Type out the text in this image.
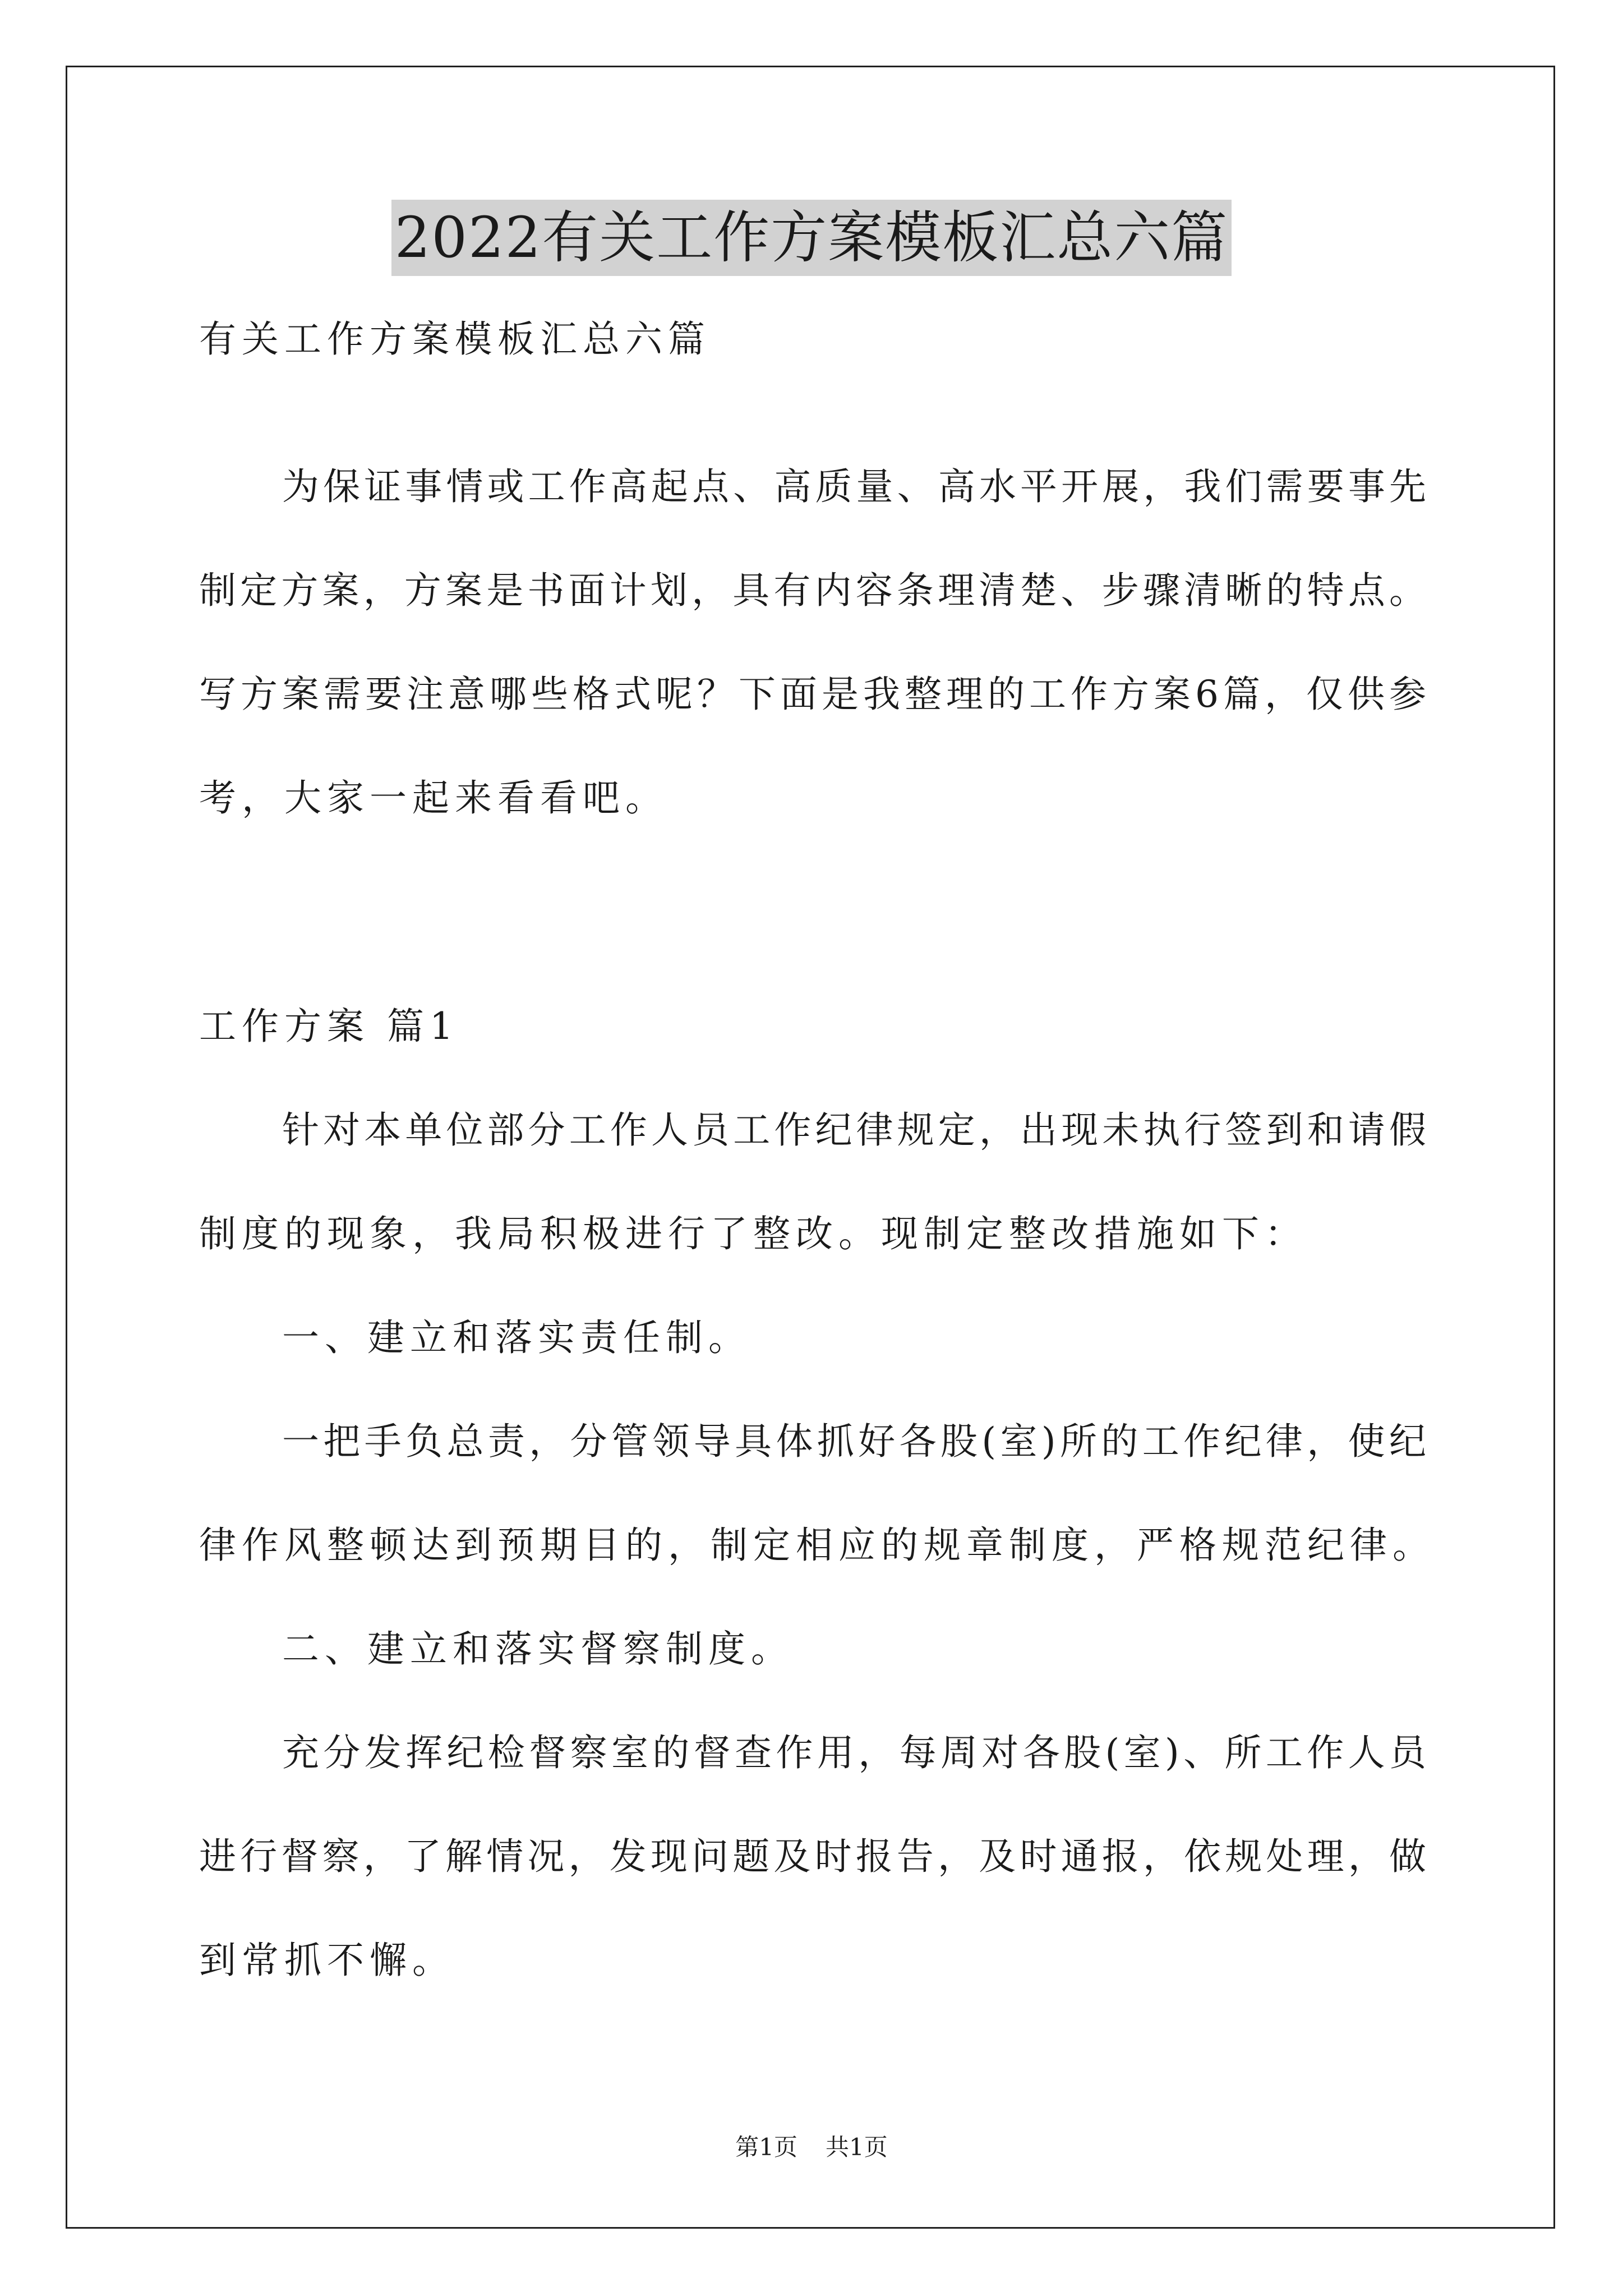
2022有关工作方案模板汇总六篇
有关工作方案模板汇总六篇
为保证事情或工作高起点、高质量、高水平开展，我们需要事先
制定方案，方案是书面计划，具有内容条理清楚、步骤清晰的特点。
写方案需要注意哪些格式呢？下面是我整理的工作方案6篇，仅供参
考，大家一起来看看吧。
工作方案 篇1
针对本单位部分工作人员工作纪律规定，出现未执行签到和请假
制度的现象，我局积极进行了整改。现制定整改措施如下：
一、建立和落实责任制。
一把手负总责，分管领导具体抓好各股(室)所的工作纪律，使纪
律作风整顿达到预期目的，制定相应的规章制度，严格规范纪律。
二、建立和落实督察制度。
充分发挥纪检督察室的督查作用，每周对各股(室)、所工作人员
进行督察，了解情况，发现问题及时报告，及时通报，依规处理，做
到常抓不懈。
第1页 共1页
